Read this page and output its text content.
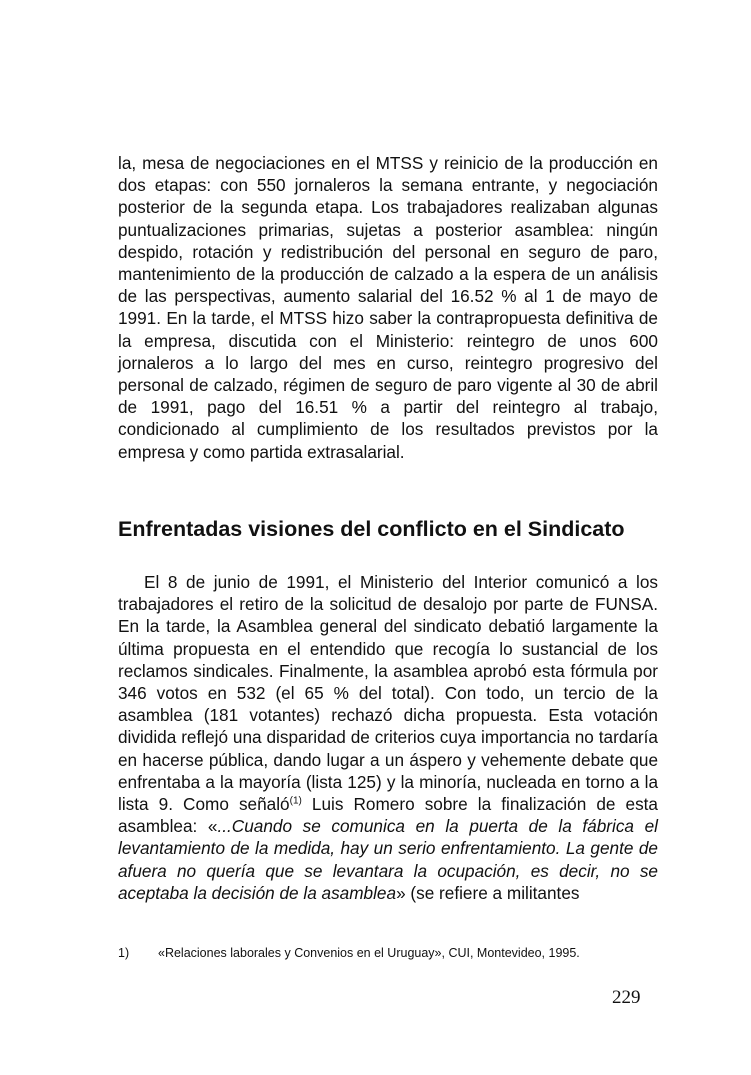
la, mesa de negociaciones en el MTSS y reinicio de la producción en dos etapas: con 550 jornaleros la semana entrante, y negociación posterior de la segunda etapa. Los trabajadores realizaban algunas puntualizaciones primarias, sujetas a posterior asamblea: ningún despido, rotación y redistribución del personal en seguro de paro, mantenimiento de la producción de calzado a la espera de un análisis de las perspectivas, aumento salarial del 16.52 % al 1 de mayo de 1991. En la tarde, el MTSS hizo saber la contrapropuesta definitiva de la empresa, discutida con el Ministerio: reintegro de unos 600 jornaleros a lo largo del mes en curso, reintegro progresivo del personal de calzado, régimen de seguro de paro vigente al 30 de abril de 1991, pago del 16.51 % a partir del reintegro al trabajo, condicionado al cumplimiento de los resultados previstos por la empresa y como partida extrasalarial.

Enfrentadas visiones del conflicto en el Sindicato

El 8 de junio de 1991, el Ministerio del Interior comunicó a los trabajadores el retiro de la solicitud de desalojo por parte de FUNSA. En la tarde, la Asamblea general del sindicato debatió largamente la última propuesta en el entendido que recogía lo sustancial de los reclamos sindicales. Finalmente, la asamblea aprobó esta fórmula por 346 votos en 532 (el 65 % del total). Con todo, un tercio de la asamblea (181 votantes) rechazó dicha propuesta. Esta votación dividida reflejó una disparidad de criterios cuya importancia no tardaría en hacerse pública, dando lugar a un áspero y vehemente debate que enfrentaba a la mayoría (lista 125) y la minoría, nucleada en torno a la lista 9. Como señaló$^{(1)}$ Luis Romero sobre la finalización de esta asamblea: «...Cuando se comunica en la puerta de la fábrica el levantamiento de la medida, hay un serio enfrentamiento. La gente de afuera no quería que se levantara la ocupación, es decir, no se aceptaba la decisión de la asamblea» (se refiere a militantes

1) «Relaciones laborales y Convenios en el Uruguay», CUI, Montevideo, 1995.
229
